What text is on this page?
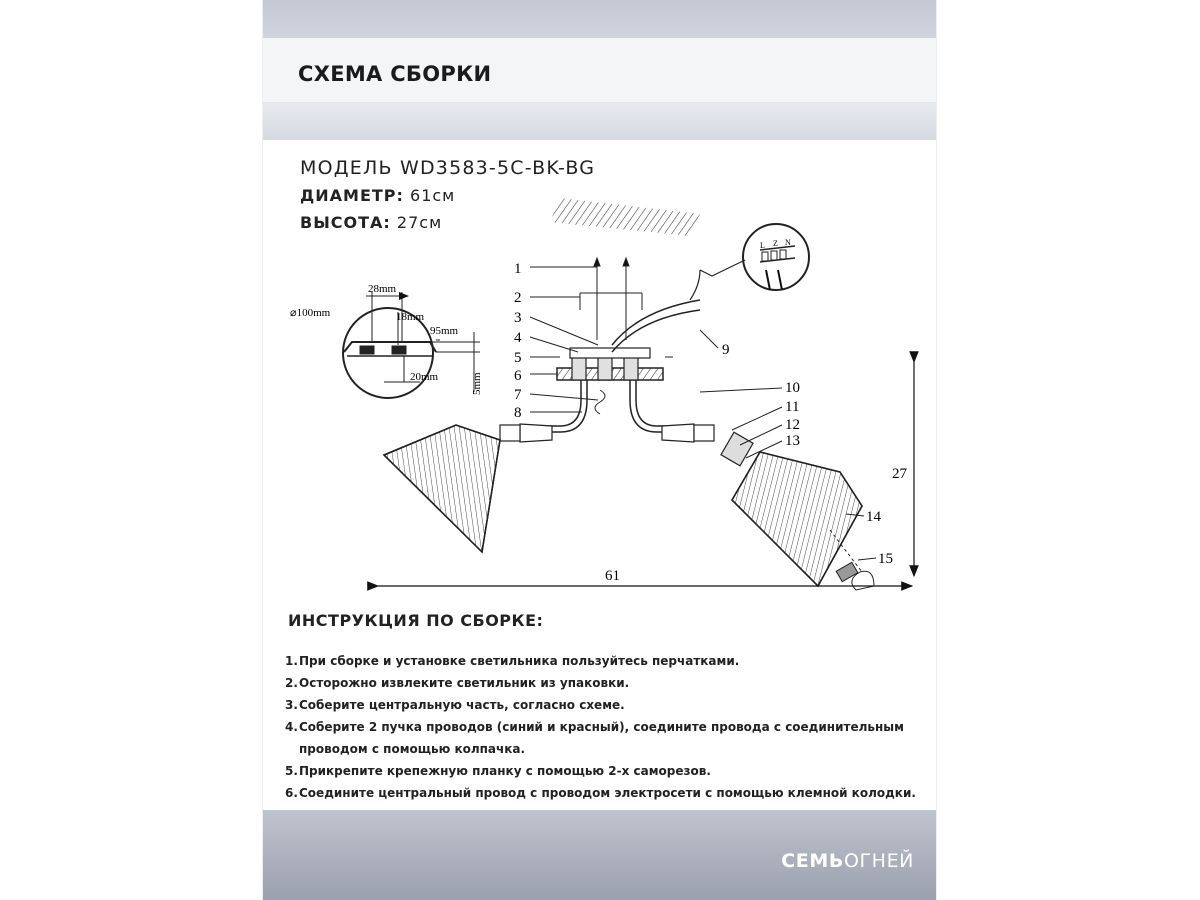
СХЕМА СБОРКИ
МОДЕЛЬ WD3583-5C-BK-BG
ДИАМЕТР: 61см
ВЫСОТА: 27см
ИНСТРУКЦИЯ ПО СБОРКЕ:
1. При сборке и установке светильника пользуйтесь перчатками.
2. Осторожно извлеките светильник из упаковки.
3. Соберите центральную часть, согласно схеме.
4. Соберите 2 пучка проводов (синий и красный), соедините провода с соединительным проводом с помощью колпачка.
5. Прикрепите крепежную планку с помощью 2-х саморезов.
6. Соедините центральный провод с проводом электросети с помощью клемной колодки.
СЕМЬОГНЕЙ
L Z N
⌀100mm
28mm
18mm
95mm
20mm	5mm
1
2
3
4
5
6
7
8
9
10
11
12
13
14
15
61
27
